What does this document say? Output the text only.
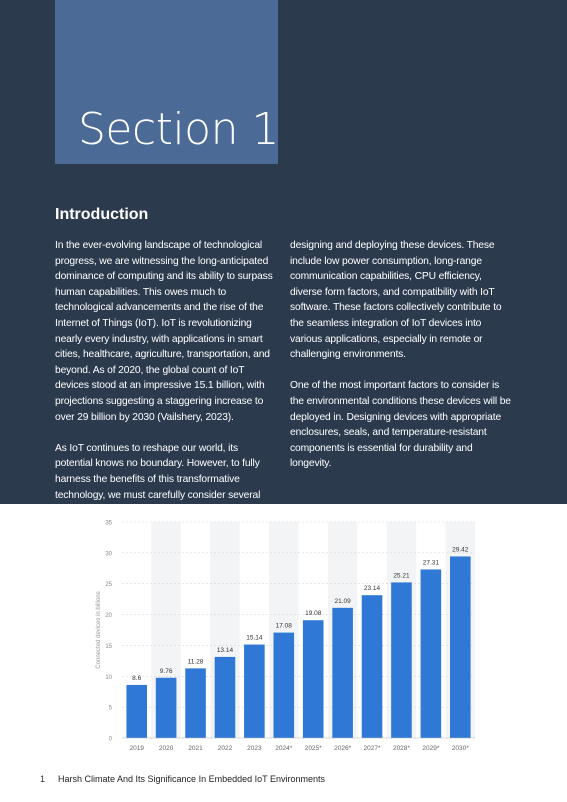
Section 1
Introduction

In the ever-evolving landscape of technological progress, we are witnessing the long-anticipated dominance of computing and its ability to surpass human capabilities. This owes much to technological advancements and the rise of the Internet of Things (IoT). IoT is revolutionizing nearly every industry, with applications in smart cities, healthcare, agriculture, transportation, and beyond. As of 2020, the global count of IoT devices stood at an impressive 15.1 billion, with projections suggesting a staggering increase to over 29 billion by 2030 (Vailshery, 2023).

As IoT continues to reshape our world, its potential knows no boundary. However, to fully harness the benefits of this transformative technology, we must carefully consider several

designing and deploying these devices. These include low power consumption, long-range communication capabilities, CPU efficiency, diverse form factors, and compatibility with IoT software. These factors collectively contribute to the seamless integration of IoT devices into various applications, especially in remote or challenging environments.

One of the most important factors to consider is the environmental conditions these devices will be deployed in. Designing devices with appropriate enclosures, seals, and temperature-resistant components is essential for durability and longevity.

0
5
10
15
20
25
30
35
Connected devices in billions
8.6
2019
9.76
2020
11.28
2021
13.14
2022
15.14
2023
17.08
2024*
19.08
2025*
21.09
2026*
23.14
2027*
25.21
2028*
27.31
2029*
29.42
2030*
1 Harsh Climate And Its Significance In Embedded IoT Environments
